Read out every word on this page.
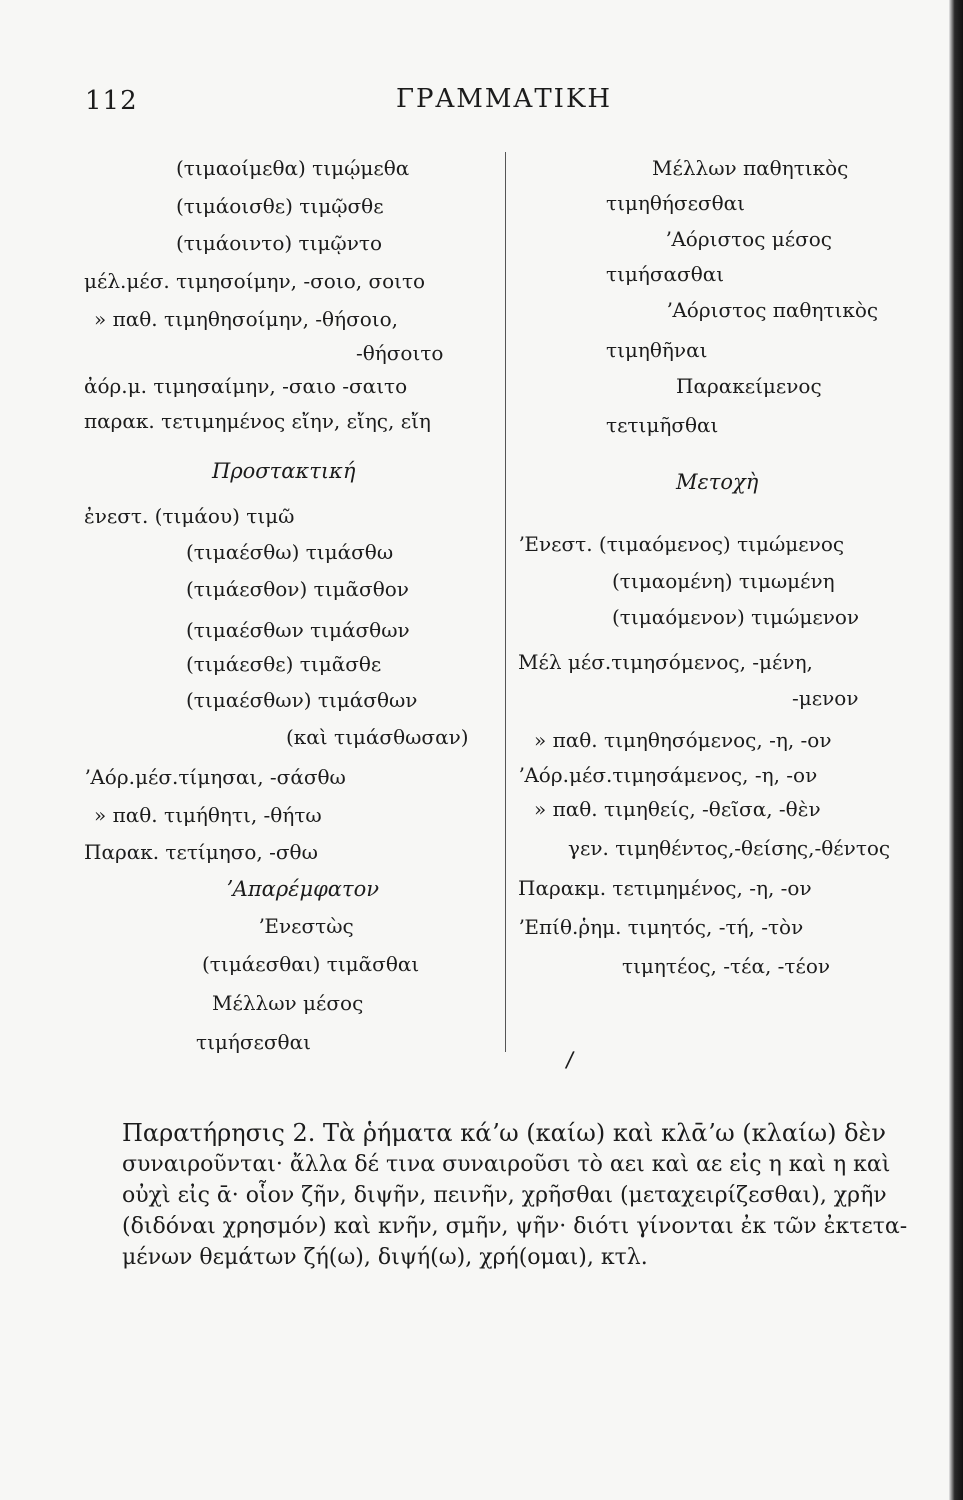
112	ΓΡΑΜΜΑΤΙΚΗ
(τιμαοίμεθα) τιμῴμεθα
(τιμάοισθε) τιμῷσθε
(τιμάοιντο) τιμῷντο
μέλ.μέσ. τιμησοίμην, -σοιο, σοιτο
» παθ. τιμηθησοίμην, -θήσοιο,
-θήσοιτο
ἀόρ.μ. τιμησαίμην, -σαιο -σαιτο
παρακ. τετιμημένος εἴην, εἴης, εἴη
Προστακτική
ἐνεστ. (τιμάου) τιμῶ
(τιμαέσθω) τιμάσθω
(τιμάεσθον) τιμᾶσθον
(τιμαέσθων τιμάσθων
(τιμάεσθε) τιμᾶσθε
(τιμαέσθων) τιμάσθων
(καὶ τιμάσθωσαν)
ʼΑόρ.μέσ.τίμησαι, -σάσθω
» παθ. τιμήθητι, -θήτω
Παρακ. τετίμησο, -σθω
ʼΑπαρέμφατον
ʼΕνεστὼς
(τιμάεσθαι) τιμᾶσθαι
Μέλλων μέσος
τιμήσεσθαι
Μέλλων παθητικὸς
τιμηθήσεσθαι
ʼΑόριστος μέσος
τιμήσασθαι
ʼΑόριστος παθητικὸς
τιμηθῆναι
Παρακείμενος
τετιμῆσθαι
Μετοχὴ
ʼΕνεστ. (τιμαόμενος) τιμώμενος
(τιμαομένη) τιμωμένη
(τιμαόμενον) τιμώμενον
Μέλ μέσ.τιμησόμενος, -μένη,
-μενον
» παθ. τιμηθησόμενος, -η, -ον
ʼΑόρ.μέσ.τιμησάμενος, -η, -ον
» παθ. τιμηθείς, -θεῖσα, -θὲν
γεν. τιμηθέντος,-θείσης,-θέντος
Παρακμ. τετιμημένος, -η, -ον
ʼΕπίθ.ῥημ. τιμητός, -τή, -τὸν
τιμητέος, -τέα, -τέον
/
Παρατήρησις 2. Τὰ ῥήματα κάʼω (καίω) καὶ κλᾱʼω (κλαίω) δὲν
συναιροῦνται· ἄλλα δέ τινα συναιροῦσι τὸ αει καὶ αε εἰς η καὶ η καὶ
οὐχὶ εἰς ᾱ· οἷον ζῆν, διψῆν, πεινῆν, χρῆσθαι (μεταχειρίζεσθαι), χρῆν
(διδόναι χρησμόν) καὶ κνῆν, σμῆν, ψῆν· διότι γίνονται ἐκ τῶν ἐκτετα-
μένων θεμάτων ζή(ω), διψή(ω), χρή(ομαι), κτλ.
